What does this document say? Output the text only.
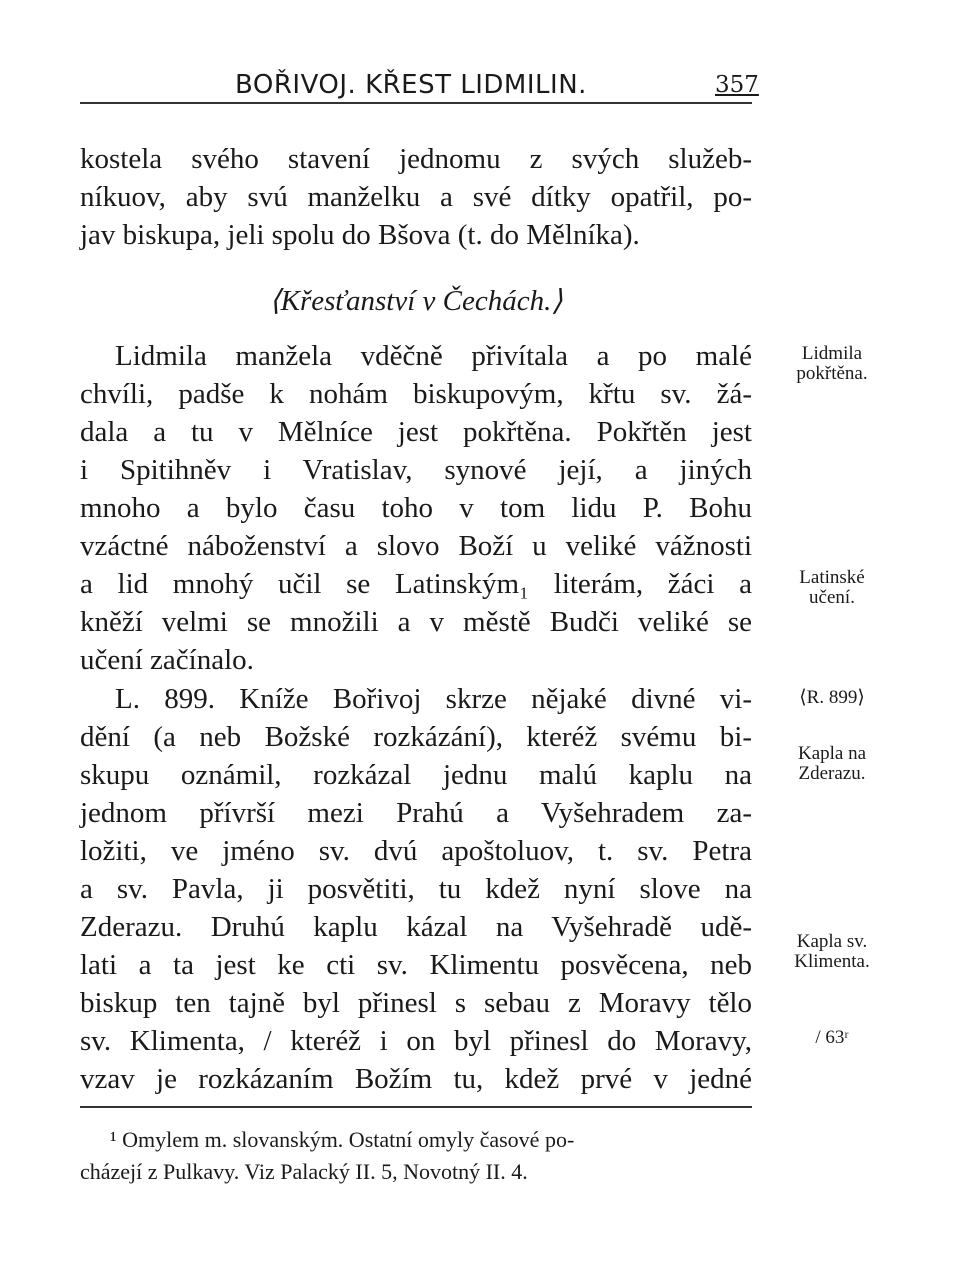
BOŘIVOJ. KŘEST LIDMILIN.	357
kostela svého stavení jednomu z svých služeb-
níkuov, aby svú manželku a své dítky opatřil, po-
jav biskupa, jeli spolu do Bšova (t. do Mělníka).
⟨Křesťanství v Čechách.⟩
Lidmila manžela vděčně přivítala a po malé
chvíli, padše k nohám biskupovým, křtu sv. žá-
dala a tu v Mělníce jest pokřtěna. Pokřtěn jest
i Spitihněv i Vratislav, synové její, a jiných
mnoho a bylo času toho v tom lidu P. Bohu
vzáctné náboženství a slovo Boží u veliké vážnosti
a lid mnohý učil se Latinským₁ literám, žáci a
kněží velmi se množili a v městě Budči veliké se
učení začínalo.
L. 899. Kníže Bořivoj skrze nějaké divné vi-
dění (a neb Božské rozkázání), kteréž svému bi-
skupu oznámil, rozkázal jednu malú kaplu na
jednom přívrší mezi Prahú a Vyšehradem za-
ložiti, ve jméno sv. dvú apoštoluov, t. sv. Petra
a sv. Pavla, ji posvětiti, tu kdež nyní slove na
Zderazu. Druhú kaplu kázal na Vyšehradě udě-
lati a ta jest ke cti sv. Klimentu posvěcena, neb
biskup ten tajně byl přinesl s sebau z Moravy tělo
sv. Klimenta, / kteréž i on byl přinesl do Moravy,
vzav je rozkázaním Božím tu, kdež prvé v jedné
Lidmila
pokřtěna.
Latinské
učení.
⟨R. 899⟩
Kapla na
Zderazu.
Kapla sv.
Klimenta.
/ 63ʳ
¹ Omylem m. slovanským. Ostatní omyly časové po-
cházejí z Pulkavy. Viz Palacký II. 5, Novotný II. 4.
